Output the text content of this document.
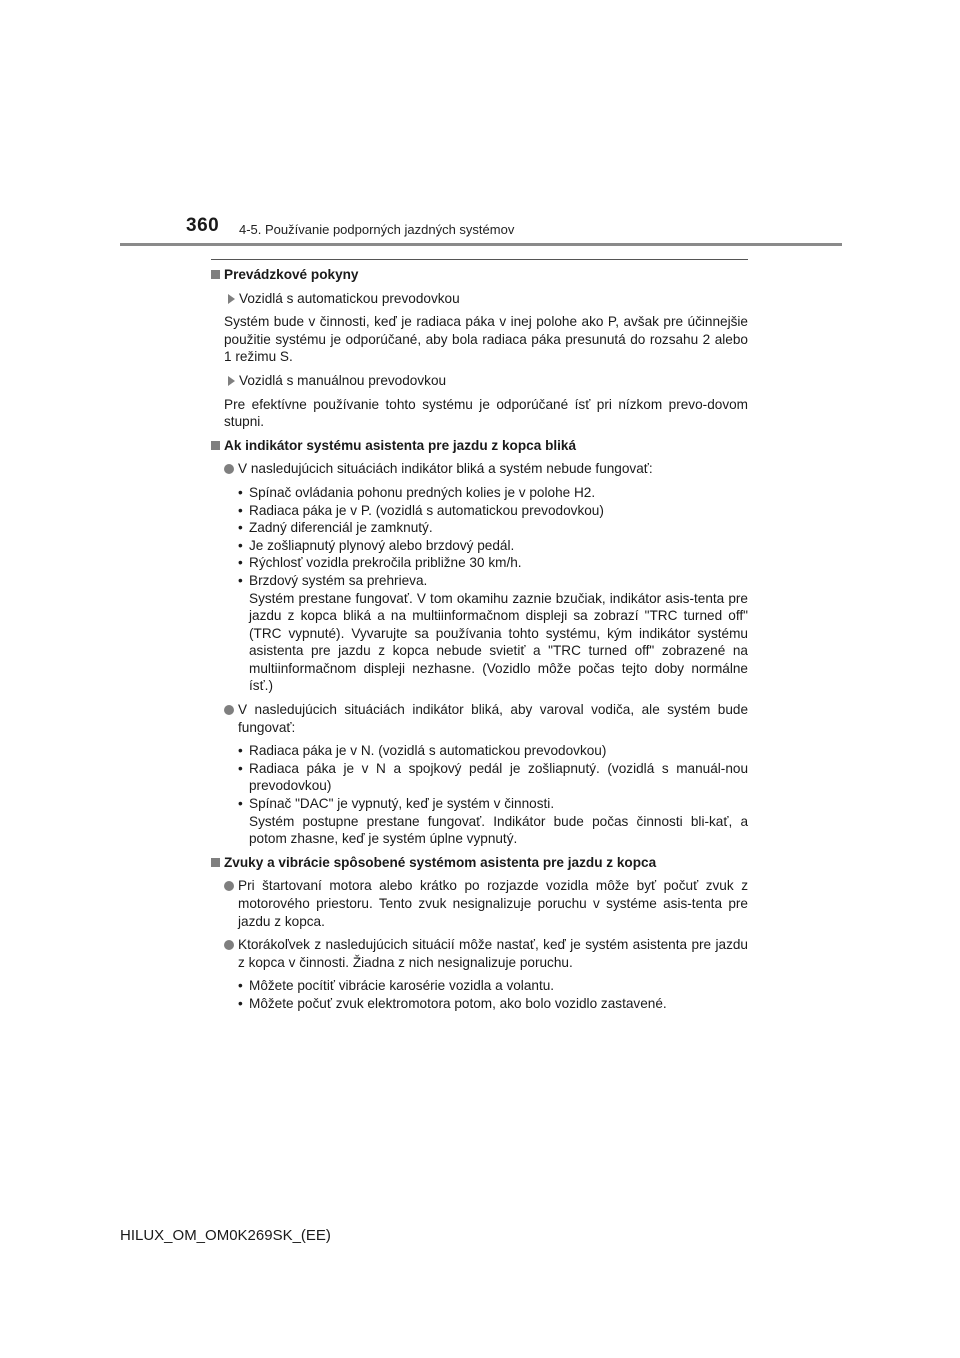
360 4-5. Používanie podporných jazdných systémov
Prevádzkové pokyny
Vozidlá s automatickou prevodovkou

Systém bude v činnosti, keď je radiaca páka v inej polohe ako P, avšak pre účinnejšie použitie systému je odporúčané, aby bola radiaca páka presunutá do rozsahu 2 alebo 1 režimu S.

Vozidlá s manuálnou prevodovkou

Pre efektívne používanie tohto systému je odporúčané ísť pri nízkom prevo-dovom stupni.

Ak indikátor systému asistenta pre jazdu z kopca bliká
V nasledujúcich situáciách indikátor bliká a systém nebude fungovať:
• Spínač ovládania pohonu predných kolies je v polohe H2.
• Radiaca páka je v P. (vozidlá s automatickou prevodovkou)
• Zadný diferenciál je zamknutý.
• Je zošliapnutý plynový alebo brzdový pedál.
• Rýchlosť vozidla prekročila približne 30 km/h.
• Brzdový systém sa prehrieva.
Systém prestane fungovať. V tom okamihu zaznie bzučiak, indikátor asis-tenta pre jazdu z kopca bliká a na multiinformačnom displeji sa zobrazí "TRC turned off" (TRC vypnuté). Vyvarujte sa používania tohto systému, kým indikátor systému asistenta pre jazdu z kopca nebude svietiť a "TRC turned off" zobrazené na multiinformačnom displeji nezhasne. (Vozidlo môže počas tejto doby normálne ísť.)
V nasledujúcich situáciách indikátor bliká, aby varoval vodiča, ale systém bude fungovať:
• Radiaca páka je v N. (vozidlá s automatickou prevodovkou)
• Radiaca páka je v N a spojkový pedál je zošliapnutý. (vozidlá s manuál-nou prevodovkou)
• Spínač "DAC" je vypnutý, keď je systém v činnosti.
Systém postupne prestane fungovať. Indikátor bude počas činnosti bli-kať, a potom zhasne, keď je systém úplne vypnutý.
Zvuky a vibrácie spôsobené systémom asistenta pre jazdu z kopca
Pri štartovaní motora alebo krátko po rozjazde vozidla môže byť počuť zvuk z motorového priestoru. Tento zvuk nesignalizuje poruchu v systéme asis-tenta pre jazdu z kopca.
Ktorákoľvek z nasledujúcich situácií môže nastať, keď je systém asistenta pre jazdu z kopca v činnosti. Žiadna z nich nesignalizuje poruchu.
• Môžete pocítiť vibrácie karosérie vozidla a volantu.
• Môžete počuť zvuk elektromotora potom, ako bolo vozidlo zastavené.
HILUX_OM_OM0K269SK_(EE)
